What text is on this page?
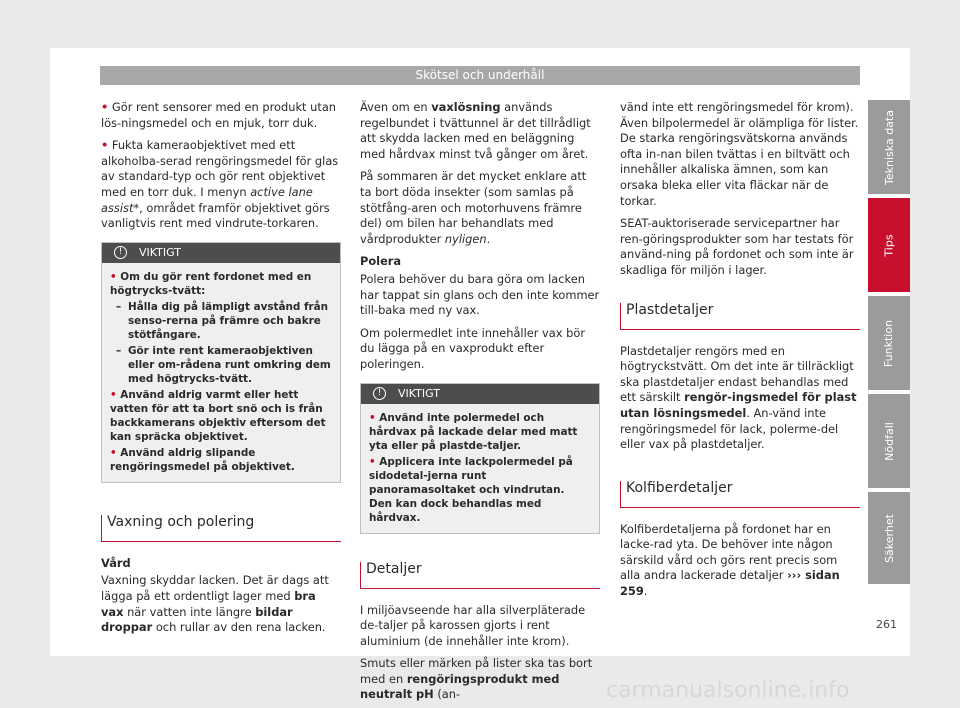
Skötsel och underhåll

• Gör rent sensorer med en produkt utan lös-ningsmedel och en mjuk, torr duk.

• Fukta kameraobjektivet med ett alkoholba-serad rengöringsmedel för glas av standard-typ och gör rent objektivet med en torr duk. I menyn active lane assist*, området framför objektivet görs vanligtvis rent med vindrute-torkaren.

!	VIKTIGT
• Om du gör rent fordonet med en högtrycks-tvätt:
– Hålla dig på lämpligt avstånd från senso-rerna på främre och bakre stötfångare.
– Gör inte rent kameraobjektiven eller om-rådena runt omkring dem med högtrycks-tvätt.
• Använd aldrig varmt eller hett vatten för att ta bort snö och is från backkamerans objektiv eftersom det kan spräcka objektivet.
• Använd aldrig slipande rengöringsmedel på objektivet.
Vaxning och polering
Vård

Vaxning skyddar lacken. Det är dags att lägga på ett ordentligt lager med bra vax när vatten inte längre bildar droppar och rullar av den rena lacken.

Även om en vaxlösning används regelbundet i tvättunnel är det tillrådligt att skydda lacken med en beläggning med hårdvax minst två gånger om året.

På sommaren är det mycket enklare att ta bort döda insekter (som samlas på stötfång-aren och motorhuvens främre del) om bilen har behandlats med vårdprodukter nyligen.

Polera

Polera behöver du bara göra om lacken har tappat sin glans och den inte kommer till-baka med ny vax.

Om polermedlet inte innehåller vax bör du lägga på en vaxprodukt efter poleringen.

!	VIKTIGT
• Använd inte polermedel och hårdvax på lackade delar med matt yta eller på plastde-taljer.
• Applicera inte lackpolermedel på sidodetal-jerna runt panoramasoltaket och vindrutan. Den kan dock behandlas med hårdvax.
Detaljer

I miljöavseende har alla silverpläterade de-taljer på karossen gjorts i rent aluminium (de innehåller inte krom).

Smuts eller märken på lister ska tas bort med en rengöringsprodukt med neutralt pH (an-

vänd inte ett rengöringsmedel för krom). Även bilpolermedel är olämpliga för lister. De starka rengöringsvätskorna används ofta in-nan bilen tvättas i en biltvätt och innehåller alkaliska ämnen, som kan orsaka bleka eller vita fläckar när de torkar.

SEAT-auktoriserade servicepartner har ren-göringsprodukter som har testats för använd-ning på fordonet och som inte är skadliga för miljön i lager.

Plastdetaljer

Plastdetaljer rengörs med en högtryckstvätt. Om det inte är tillräckligt ska plastdetaljer endast behandlas med ett särskilt rengör-ingsmedel för plast utan lösningsmedel. An-vänd inte rengöringsmedel för lack, polerme-del eller vax på plastdetaljer.

Kolfiberdetaljer

Kolfiberdetaljerna på fordonet har en lacke-rad yta. De behöver inte någon särskild vård och görs rent precis som alla andra lackerade detaljer ››› sidan 259.

Tekniska data
Tips
Funktion
Nödfall
Säkerhet
261
carmanualsonline.info
